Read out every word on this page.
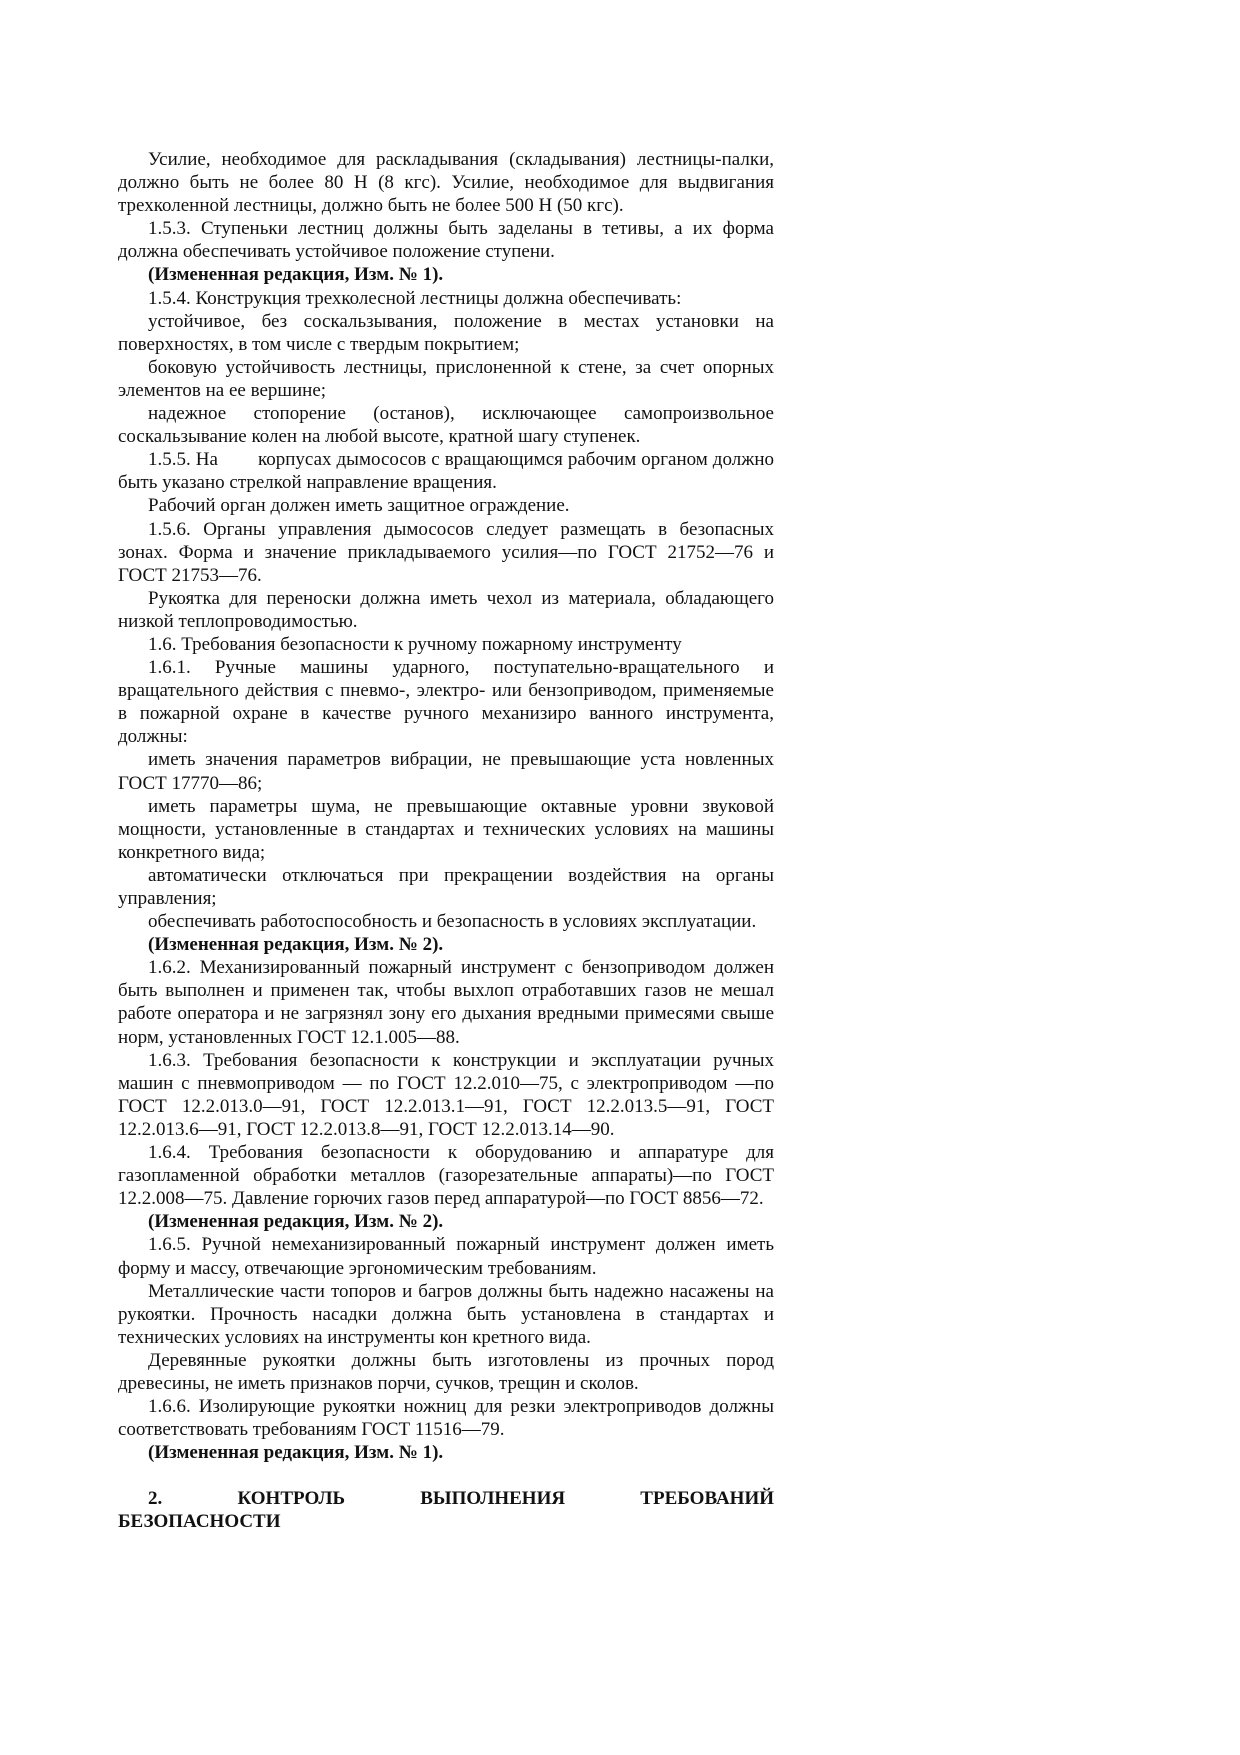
Усилие, необходимое для раскладывания (складывания) лестницы-палки, должно быть не более 80 Н (8 кгс). Усилие, необходимое для выдвигания трехколенной лестницы, должно быть не более 500 Н (50 кгс).

1.5.3. Ступеньки лестниц должны быть заделаны в тетивы, а их форма должна обеспечивать устойчивое положение ступени.

(Измененная редакция, Изм. № 1).

1.5.4. Конструкция трехколесной лестницы должна обеспечивать:

устойчивое, без соскальзывания, положение в местах установки на поверхностях, в том числе с твердым покрытием;

боковую устойчивость лестницы, прислоненной к стене, за счет опорных элементов на ее вершине;

надежное стопорение (останов), исключающее самопроизвольное соскальзывание колен на любой высоте, кратной шагу ступенек.

1.5.5. На        корпусах дымососов с вращающимся рабочим органом должно быть указано стрелкой направление вращения.

Рабочий орган должен иметь защитное ограждение.

1.5.6. Органы управления дымососов следует размещать в безопасных зонах. Форма и значение прикладываемого усилия—по ГОСТ 21752—76 и ГОСТ 21753—76.

Рукоятка для переноски должна иметь чехол из материала, обладающего низкой теплопроводимостью.

1.6. Требования безопасности к ручному пожарному инструменту

1.6.1. Ручные машины ударного, поступательно-вращательного и вращательного действия с пневмо-, электро- или бензоприводом, применяемые в пожарной охране в качестве ручного механизиро ванного инструмента, должны:

иметь значения параметров вибрации, не превышающие уста новленных ГОСТ 17770—86;

иметь параметры шума, не превышающие октавные уровни звуковой мощности, установленные в стандартах и технических условиях на машины конкретного вида;

автоматически отключаться при прекращении воздействия на органы управления;

обеспечивать работоспособность и безопасность в условиях эксплуатации.

(Измененная редакция, Изм. № 2).

1.6.2. Механизированный пожарный инструмент с бензоприводом должен быть выполнен и применен так, чтобы выхлоп отработавших газов не мешал работе оператора и не загрязнял зону его дыхания вредными примесями свыше норм, установленных ГОСТ 12.1.005—88.

1.6.3. Требования безопасности к конструкции и эксплуатации ручных машин с пневмоприводом — по ГОСТ 12.2.010—75, с электроприводом —по ГОСТ 12.2.013.0—91, ГОСТ 12.2.013.1—91, ГОСТ 12.2.013.5—91, ГОСТ 12.2.013.6—91, ГОСТ 12.2.013.8—91, ГОСТ 12.2.013.14—90.

1.6.4. Требования безопасности к оборудованию и аппаратуре для газопламенной обработки металлов (газорезательные аппараты)—по ГОСТ 12.2.008—75. Давление горючих газов перед аппаратурой—по ГОСТ 8856—72.

(Измененная редакция, Изм. № 2).

1.6.5. Ручной немеханизированный пожарный инструмент должен иметь форму и массу, отвечающие эргономическим требованиям.

Металлические части топоров и багров должны быть надежно насажены на рукоятки. Прочность насадки должна быть установлена в стандартах и технических условиях на инструменты кон кретного вида.

Деревянные рукоятки должны быть изготовлены из прочных пород древесины, не иметь признаков порчи, сучков, трещин и сколов.

1.6.6. Изолирующие рукоятки ножниц для резки электроприводов должны соответствовать требованиям ГОСТ 11516—79.

(Измененная редакция, Изм. № 1).

2. КОНТРОЛЬ ВЫПОЛНЕНИЯ ТРЕБОВАНИЙ

БЕЗОПАСНОСТИ
